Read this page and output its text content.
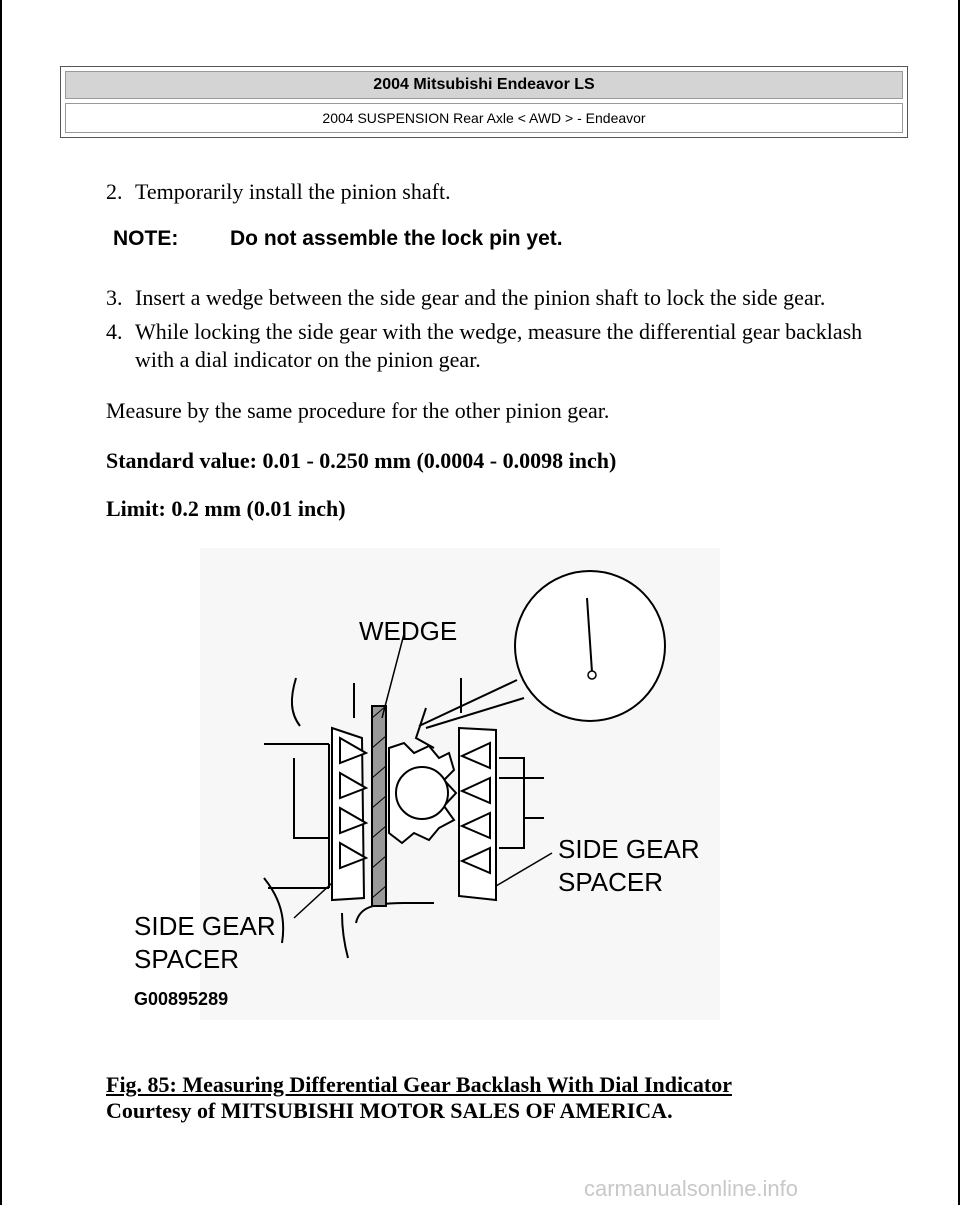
2004 Mitsubishi Endeavor LS
2004 SUSPENSION Rear Axle < AWD > - Endeavor
2. Temporarily install the pinion shaft.
NOTE: Do not assemble the lock pin yet.
3. Insert a wedge between the side gear and the pinion shaft to lock the side gear.
4. While locking the side gear with the wedge, measure the differential gear backlash with a dial indicator on the pinion gear.
Measure by the same procedure for the other pinion gear.
Standard value: 0.01 - 0.250 mm (0.0004 - 0.0098 inch)
Limit: 0.2 mm (0.01 inch)
WEDGE
SIDE GEAR
SPACER
SIDE GEAR
SPACER
G00895289
Fig. 85: Measuring Differential Gear Backlash With Dial Indicator
Courtesy of MITSUBISHI MOTOR SALES OF AMERICA.
carmanualsonline.info
